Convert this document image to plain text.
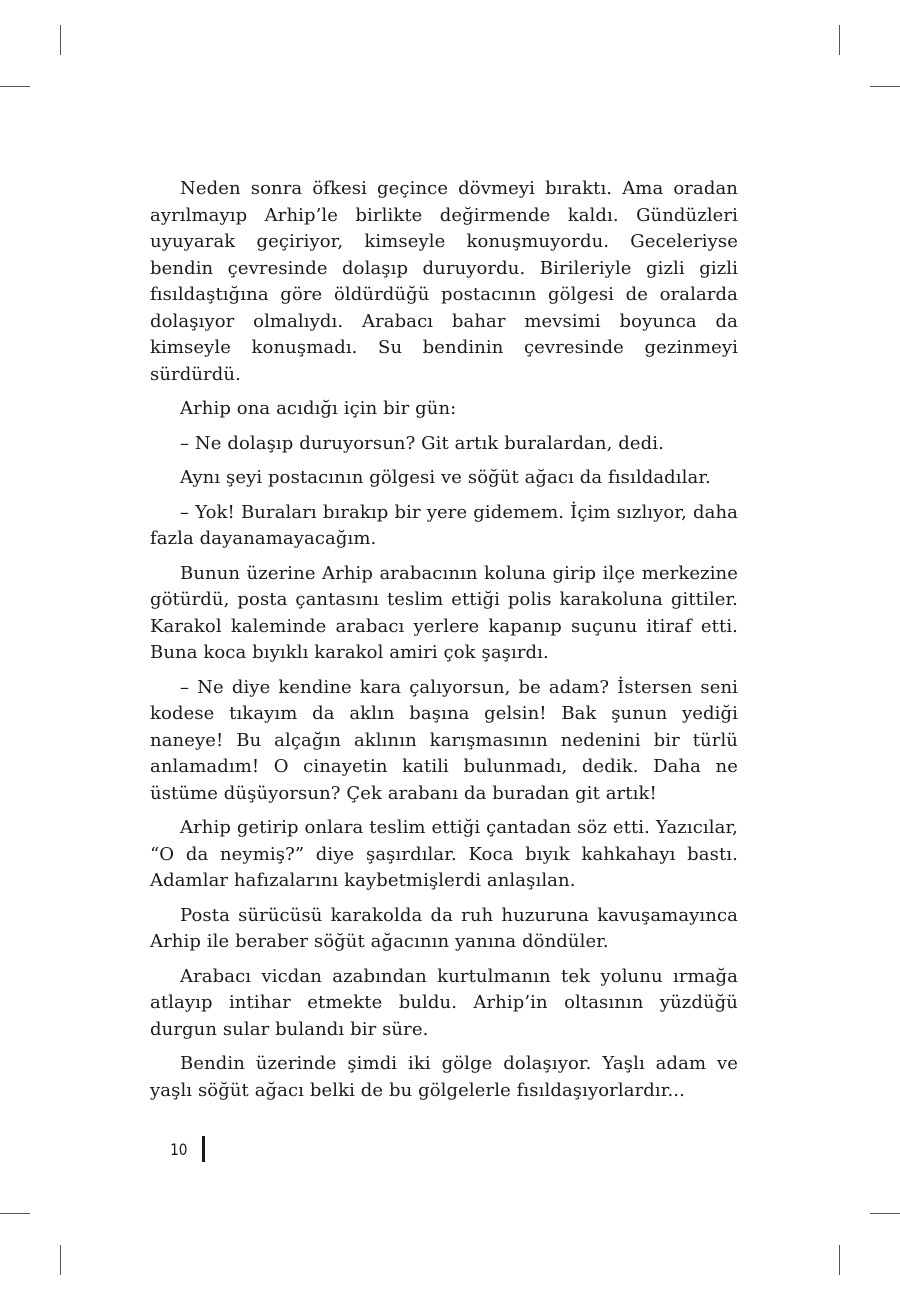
Neden sonra öfkesi geçince dövmeyi bıraktı. Ama oradan ayrılmayıp Arhip’le birlikte değirmende kaldı. Gündüzleri uyuyarak geçiriyor, kimseyle konuşmuyordu. Geceleriyse bendin çevresinde dolaşıp duruyordu. Birileriyle gizli gizli fısıldaştığına göre öldürdüğü postacının gölgesi de oralarda dolaşıyor olmalıydı. Arabacı bahar mevsimi boyunca da kimseyle konuşmadı. Su bendinin çevresinde gezinmeyi sürdürdü.

Arhip ona acıdığı için bir gün:

– Ne dolaşıp duruyorsun? Git artık buralardan, dedi.

Aynı şeyi postacının gölgesi ve söğüt ağacı da fısıldadılar.

– Yok! Buraları bırakıp bir yere gidemem. İçim sızlıyor, daha fazla dayanamayacağım.

Bunun üzerine Arhip arabacının koluna girip ilçe merkezine götürdü, posta çantasını teslim ettiği polis karakoluna gittiler. Karakol kaleminde arabacı yerlere kapanıp suçunu itiraf etti. Buna koca bıyıklı karakol amiri çok şaşırdı.

– Ne diye kendine kara çalıyorsun, be adam? İstersen seni kodese tıkayım da aklın başına gelsin! Bak şunun yediği naneye! Bu alçağın aklının karışmasının nedenini bir türlü anlamadım! O cinayetin katili bulunmadı, dedik. Daha ne üstüme düşüyorsun? Çek arabanı da buradan git artık!

Arhip getirip onlara teslim ettiği çantadan söz etti. Yazıcılar, “O da neymiş?” diye şaşırdılar. Koca bıyık kahkahayı bastı. Adamlar hafızalarını kaybetmişlerdi anlaşılan.

Posta sürücüsü karakolda da ruh huzuruna kavuşamayınca Arhip ile beraber söğüt ağacının yanına döndüler.

Arabacı vicdan azabından kurtulmanın tek yolunu ırmağa atlayıp intihar etmekte buldu. Arhip’in oltasının yüzdüğü durgun sular bulandı bir süre.

Bendin üzerinde şimdi iki gölge dolaşıyor. Yaşlı adam ve yaşlı söğüt ağacı belki de bu gölgelerle fısıldaşıyorlardır...

10
